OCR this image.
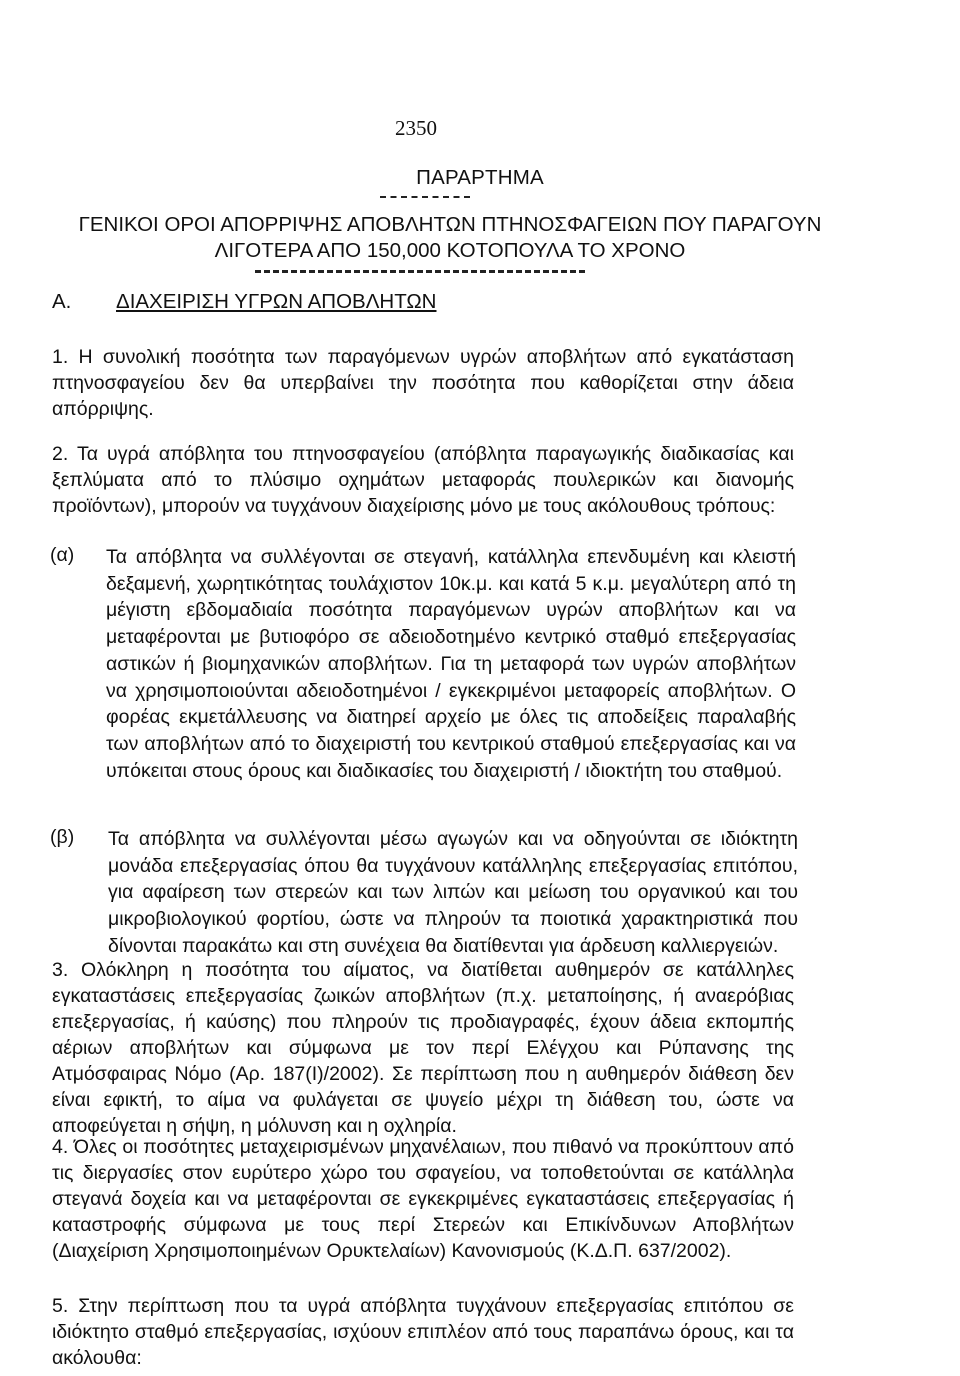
2350
ΠΑΡΑΡΤΗΜΑ
ΓΕΝΙΚΟΙ ΟΡΟΙ ΑΠΟΡΡΙΨΗΣ ΑΠΟΒΛΗΤΩΝ ΠΤΗΝΟΣΦΑΓΕΙΩΝ ΠΟΥ ΠΑΡΑΓΟΥΝ ΛΙΓΟΤΕΡΑ ΑΠΟ 150,000 ΚΟΤΟΠΟΥΛΑ ΤΟ ΧΡΟΝΟ
Α. ΔΙΑΧΕΙΡΙΣΗ ΥΓΡΩΝ ΑΠΟΒΛΗΤΩΝ
1. Η συνολική ποσότητα των παραγόμενων υγρών αποβλήτων από εγκατάσταση πτηνοσφαγείου δεν θα υπερβαίνει την ποσότητα που καθορίζεται στην άδεια απόρριψης.
2. Τα υγρά απόβλητα του πτηνοσφαγείου (απόβλητα παραγωγικής διαδικασίας και ξεπλύματα από το πλύσιμο οχημάτων μεταφοράς πουλερικών και διανομής προϊόντων), μπορούν να τυγχάνουν διαχείρισης μόνο με τους ακόλουθους τρόπους:
(α) Τα απόβλητα να συλλέγονται σε στεγανή, κατάλληλα επενδυμένη και κλειστή δεξαμενή, χωρητικότητας τουλάχιστον 10κ.μ. και κατά 5 κ.μ. μεγαλύτερη από τη μέγιστη εβδομαδιαία ποσότητα παραγόμενων υγρών αποβλήτων και να μεταφέρονται με βυτιοφόρο σε αδειοδοτημένο κεντρικό σταθμό επεξεργασίας αστικών ή βιομηχανικών αποβλήτων. Για τη μεταφορά των υγρών αποβλήτων να χρησιμοποιούνται αδειοδοτημένοι / εγκεκριμένοι μεταφορείς αποβλήτων. Ο φορέας εκμετάλλευσης να διατηρεί αρχείο με όλες τις αποδείξεις παραλαβής των αποβλήτων από το διαχειριστή του κεντρικού σταθμού επεξεργασίας και να υπόκειται στους όρους και διαδικασίες του διαχειριστή / ιδιοκτήτη του σταθμού.
(β) Τα απόβλητα να συλλέγονται μέσω αγωγών και να οδηγούνται σε ιδιόκτητη μονάδα επεξεργασίας όπου θα τυγχάνουν κατάλληλης επεξεργασίας επιτόπου, για αφαίρεση των στερεών και των λιπών και μείωση του οργανικού και του μικροβιολογικού φορτίου, ώστε να πληρούν τα ποιοτικά χαρακτηριστικά που δίνονται παρακάτω και στη συνέχεια θα διατίθενται για άρδευση καλλιεργειών.
3. Ολόκληρη η ποσότητα του αίματος, να διατίθεται αυθημερόν σε κατάλληλες εγκαταστάσεις επεξεργασίας ζωικών αποβλήτων (π.χ. μεταποίησης, ή αναερόβιας επεξεργασίας, ή καύσης) που πληρούν τις προδιαγραφές, έχουν άδεια εκπομπής αέριων αποβλήτων και σύμφωνα με τον περί Ελέγχου και Ρύπανσης της Ατμόσφαιρας Νόμο (Αρ. 187(Ι)/2002). Σε περίπτωση που η αυθημερόν διάθεση δεν είναι εφικτή, το αίμα να φυλάγεται σε ψυγείο μέχρι τη διάθεση του, ώστε να αποφεύγεται η σήψη, η μόλυνση και η οχληρία.
4. Όλες οι ποσότητες μεταχειρισμένων μηχανέλαιων, που πιθανό να προκύπτουν από τις διεργασίες στον ευρύτερο χώρο του σφαγείου, να τοποθετούνται σε κατάλληλα στεγανά δοχεία και να μεταφέρονται σε εγκεκριμένες εγκαταστάσεις επεξεργασίας ή καταστροφής σύμφωνα με τους περί Στερεών και Επικίνδυνων Αποβλήτων (Διαχείριση Χρησιμοποιημένων Ορυκτελαίων) Κανονισμούς (Κ.Δ.Π. 637/2002).
5. Στην περίπτωση που τα υγρά απόβλητα τυγχάνουν επεξεργασίας επιτόπου σε ιδιόκτητο σταθμό επεξεργασίας, ισχύουν επιπλέον από τους παραπάνω όρους, και τα ακόλουθα:
